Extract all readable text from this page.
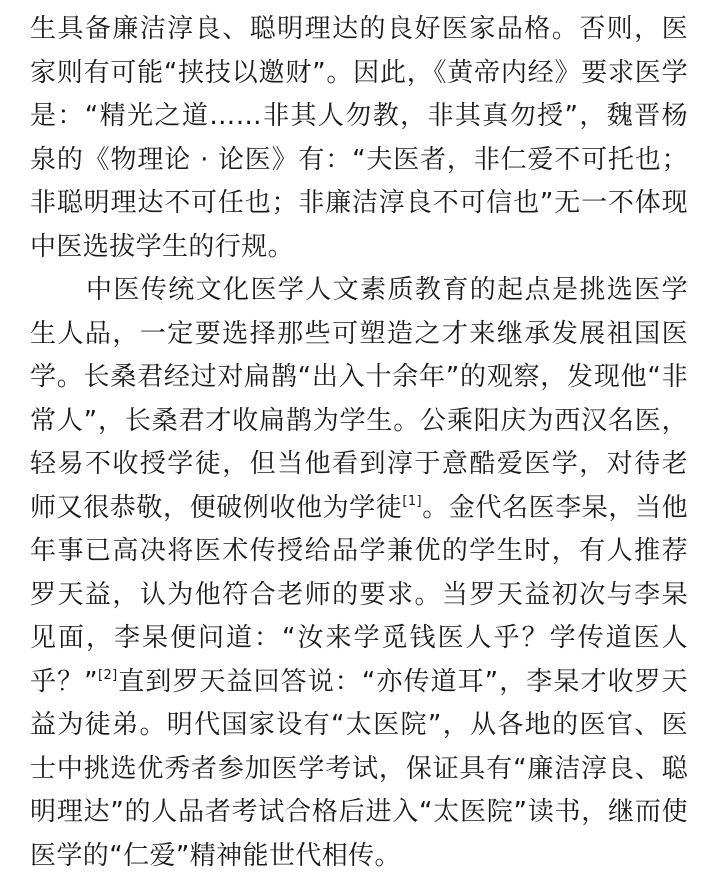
生具备廉洁淳良、聪明理达的良好医家品格。否则，医家则有可能“挟技以邀财”。因此，《黄帝内经》要求医学是：“精光之道……非其人勿教，非其真勿授”，魏晋杨泉的《物理论 · 论医》有：“夫医者，非仁爱不可托也；非聪明理达不可任也；非廉洁淳良不可信也”无一不体现中医选拔学生的行规。

中医传统文化医学人文素质教育的起点是挑选医学生人品，一定要选择那些可塑造之才来继承发展祖国医学。长桑君经过对扁鹊“出入十余年”的观察，发现他“非常人”，长桑君才收扁鹊为学生。公乘阳庆为西汉名医，轻易不收授学徒，但当他看到淳于意酷爱医学，对待老师又很恭敬，便破例收他为学徒[1]。金代名医李杲，当他年事已高决将医术传授给品学兼优的学生时，有人推荐罗天益，认为他符合老师的要求。当罗天益初次与李杲见面，李杲便问道：“汝来学觅钱医人乎？学传道医人乎？”[2]直到罗天益回答说：“亦传道耳”，李杲才收罗天益为徒弟。明代国家设有“太医院”，从各地的医官、医士中挑选优秀者参加医学考试，保证具有“廉洁淳良、聪明理达”的人品者考试合格后进入“太医院”读书，继而使医学的“仁爱”精神能世代相传。
